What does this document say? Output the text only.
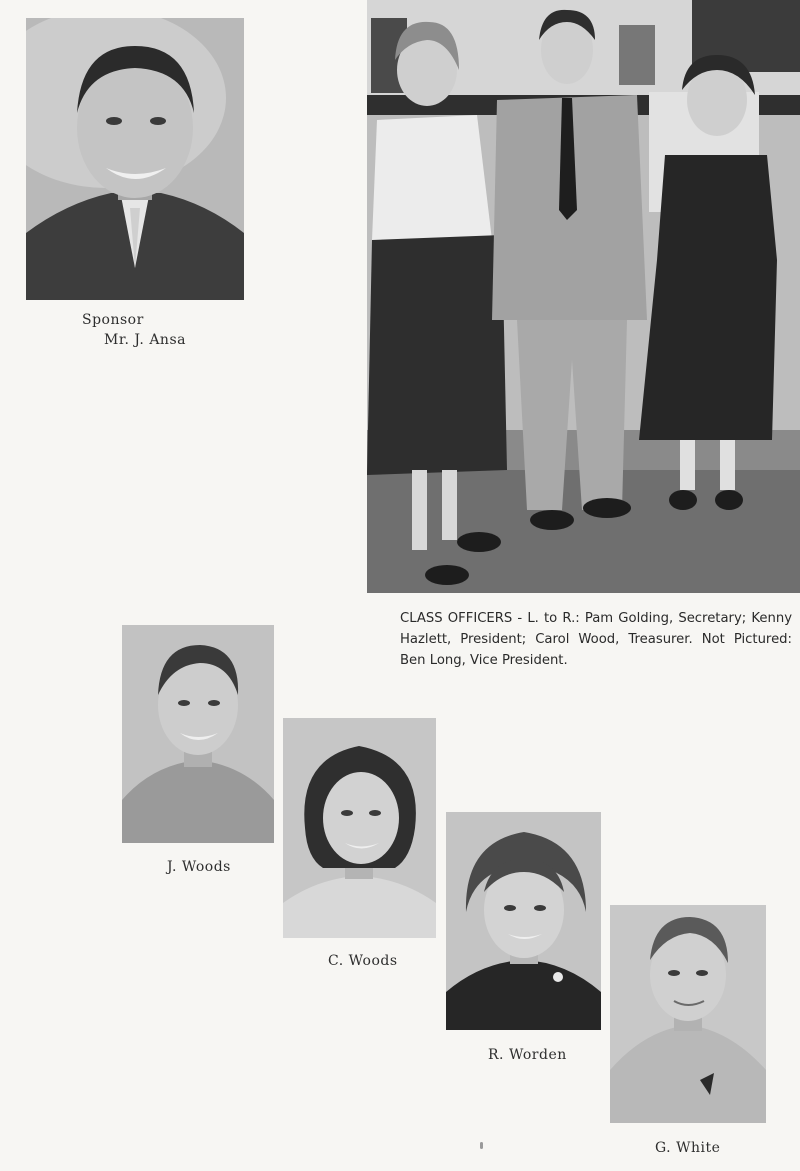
Sponsor
Mr. J. Ansa
CLASS OFFICERS - L. to R.: Pam Golding, Secretary; Kenny Hazlett, President; Carol Wood, Treasurer. Not Pictured: Ben Long, Vice President.
J. Woods
C. Woods
R. Worden
G. White
